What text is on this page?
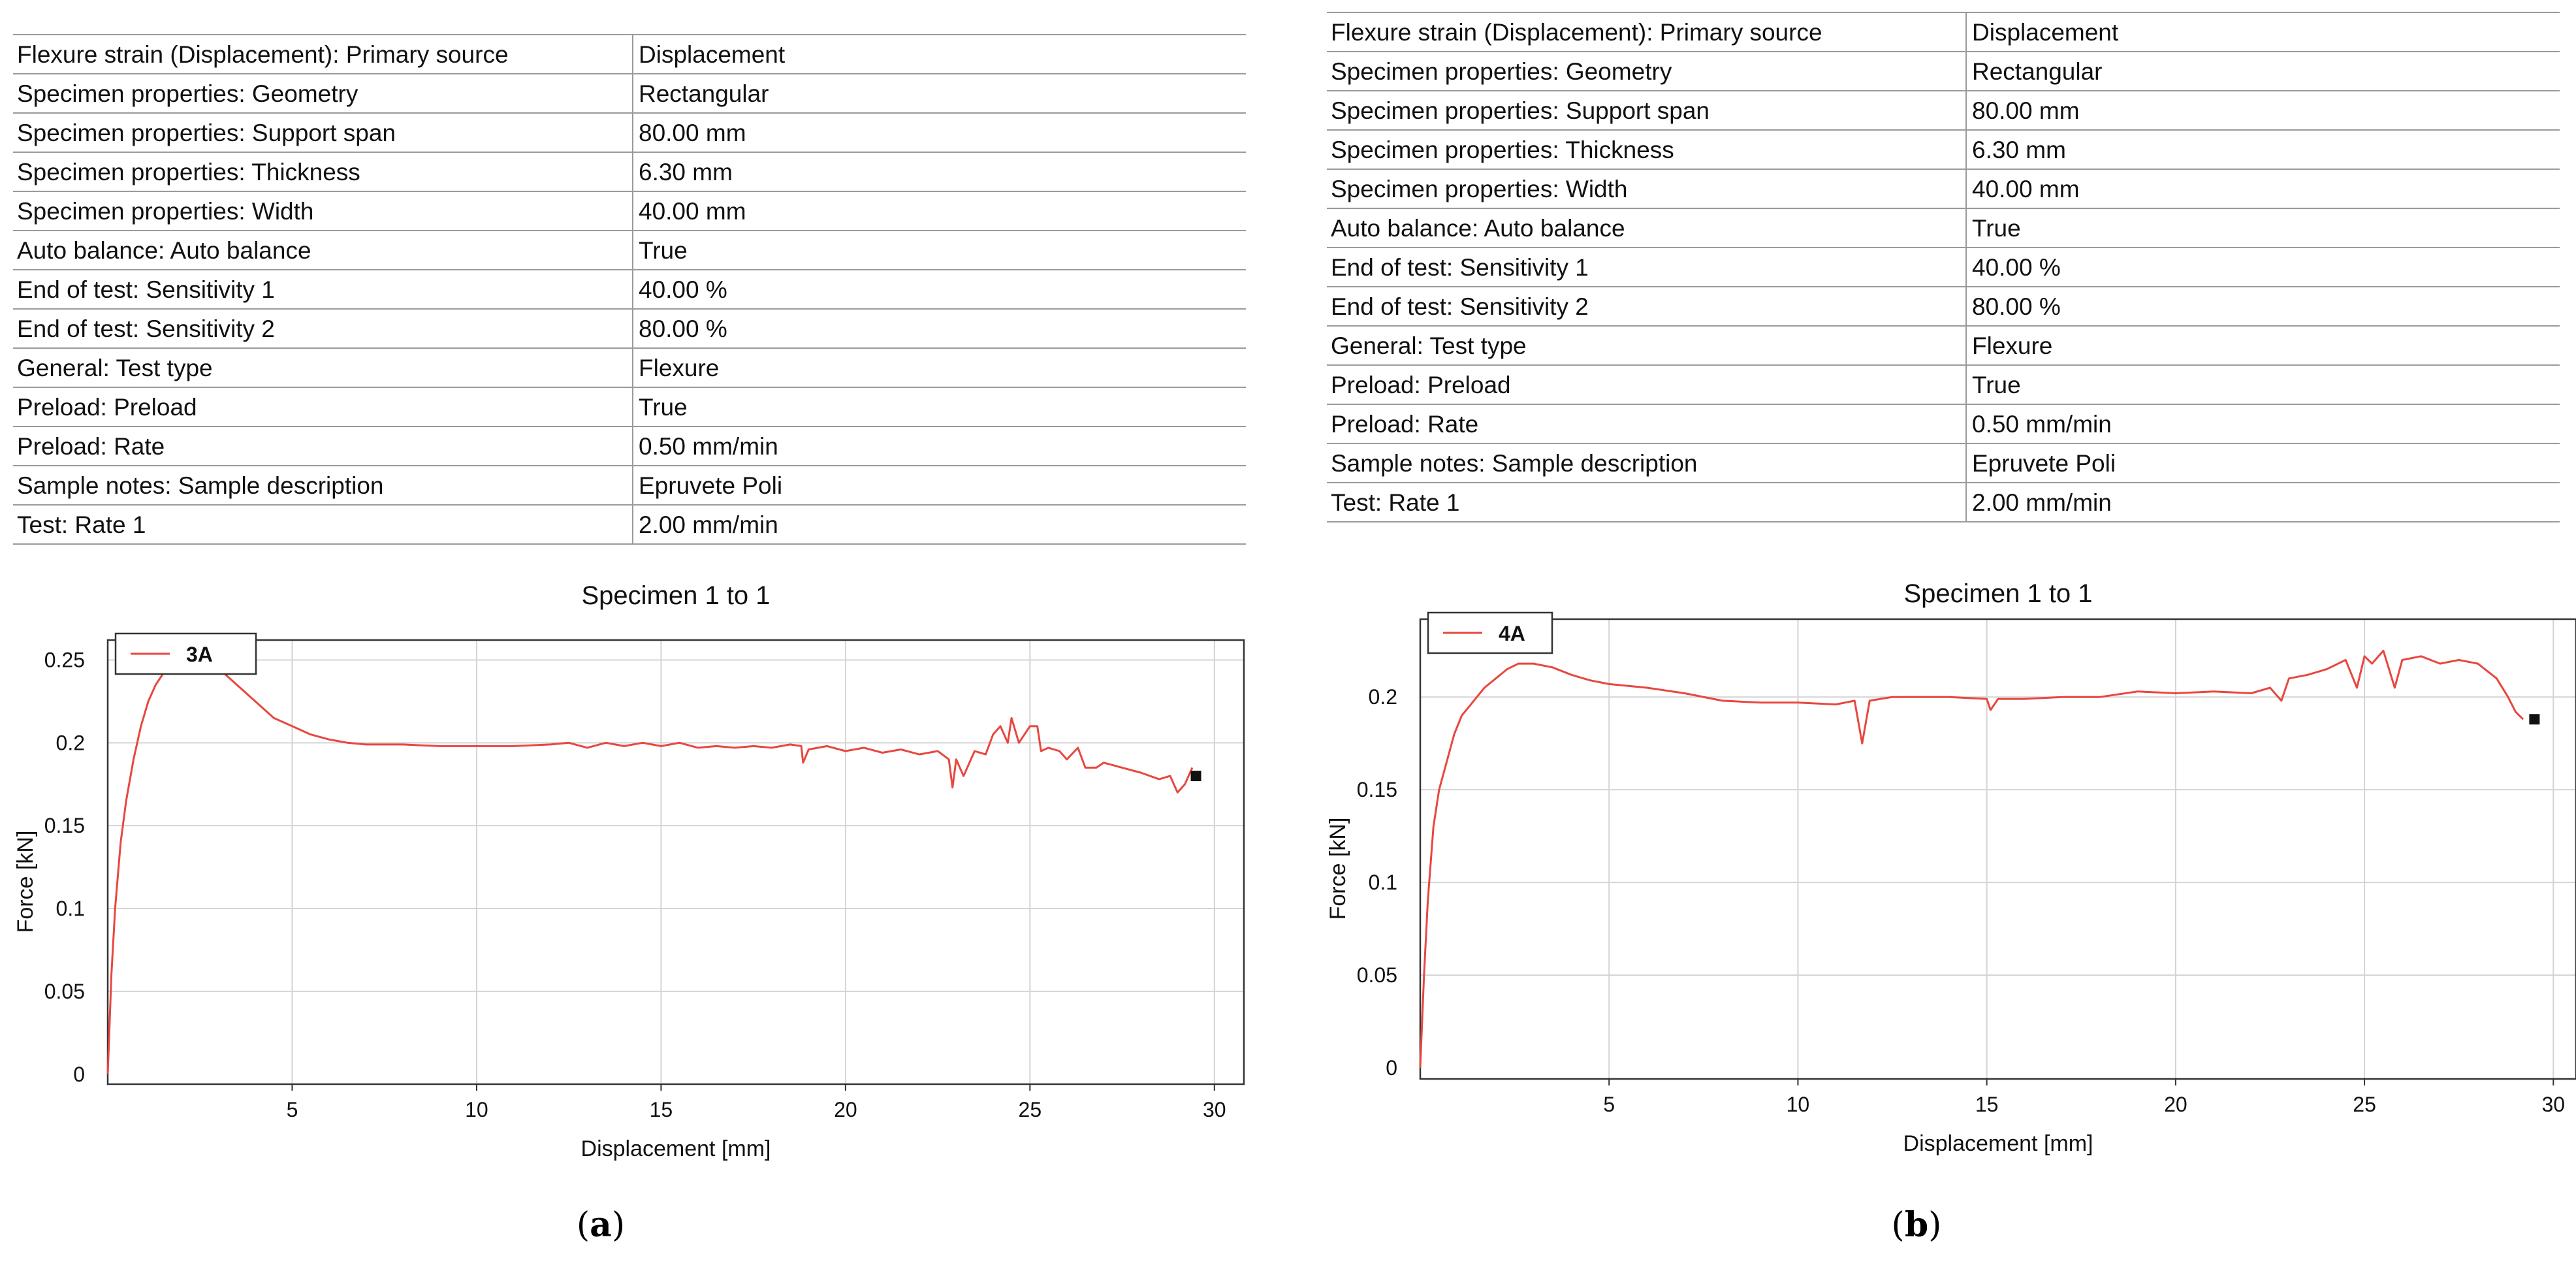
Flexure strain (Displacement): Primary source	Displacement
Specimen properties: Geometry	Rectangular
Specimen properties: Support span	80.00 mm
Specimen properties: Thickness	6.30 mm
Specimen properties: Width	40.00 mm
Auto balance: Auto balance	True
End of test: Sensitivity 1	40.00 %
End of test: Sensitivity 2	80.00 %
General: Test type	Flexure
Preload: Preload	True
Preload: Rate	0.50 mm/min
Sample notes: Sample description	Epruvete Poli
Test: Rate 1	2.00 mm/min
Specimen 1 to 1
5	10	15	20	25	30
0
0.05
0.1
0.15
0.2
0.25
Displacement [mm]
Force [kN]
3A
(a)
Flexure strain (Displacement): Primary source	Displacement
Specimen properties: Geometry	Rectangular
Specimen properties: Support span	80.00 mm
Specimen properties: Thickness	6.30 mm
Specimen properties: Width	40.00 mm
Auto balance: Auto balance	True
End of test: Sensitivity 1	40.00 %
End of test: Sensitivity 2	80.00 %
General: Test type	Flexure
Preload: Preload	True
Preload: Rate	0.50 mm/min
Sample notes: Sample description	Epruvete Poli
Test: Rate 1	2.00 mm/min
Specimen 1 to 1
5	10	15	20	25	30
0
0.05
0.1
0.15
0.2
Displacement [mm]
Force [kN]
4A
(b)
